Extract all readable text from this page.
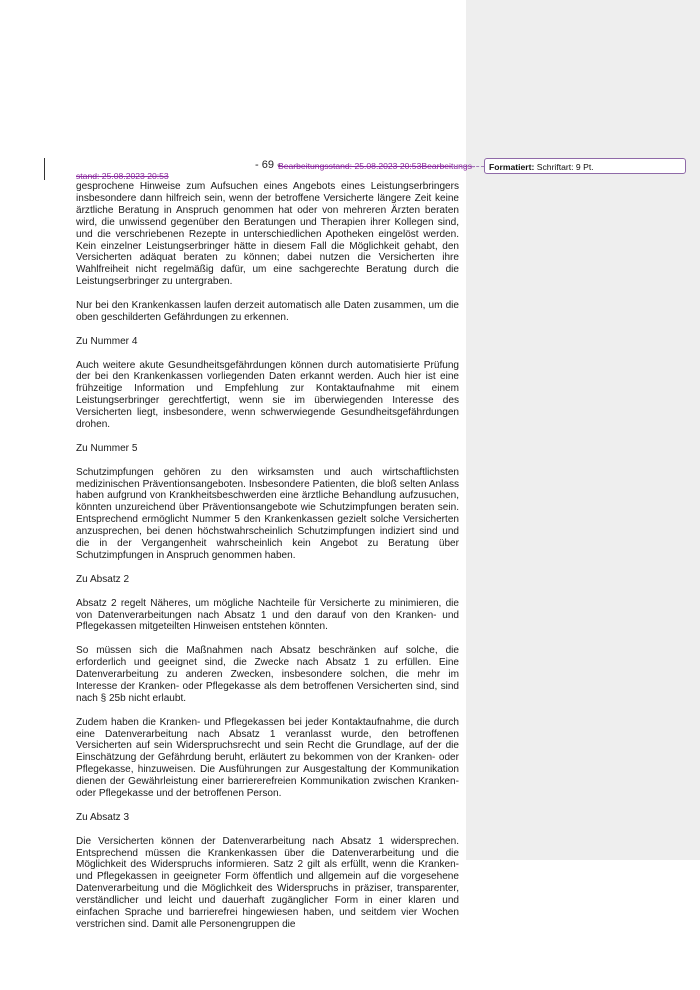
- 69 -
Bearbeitungsstand: 25.08.2023 20:53Bearbeitungs-
stand: 25.08.2023 20:53
Formatiert: Schriftart: 9 Pt.

gesprochene Hinweise zum Aufsuchen eines Angebots eines Leistungserbringers insbesondere dann hilfreich sein, wenn der betroffene Versicherte längere Zeit keine ärztliche Beratung in Anspruch genommen hat oder von mehreren Ärzten beraten wird, die unwissend gegenüber den Beratungen und Therapien ihrer Kollegen sind, und die verschriebenen Rezepte in unterschiedlichen Apotheken eingelöst werden. Kein einzelner Leistungserbringer hätte in diesem Fall die Möglichkeit gehabt, den Versicherten adäquat beraten zu können; dabei nutzen die Versicherten ihre Wahlfreiheit nicht regelmäßig dafür, um eine sachgerechte Beratung durch die Leistungserbringer zu untergraben.

Nur bei den Krankenkassen laufen derzeit automatisch alle Daten zusammen, um die oben geschilderten Gefährdungen zu erkennen.

Zu Nummer 4

Auch weitere akute Gesundheitsgefährdungen können durch automatisierte Prüfung der bei den Krankenkassen vorliegenden Daten erkannt werden. Auch hier ist eine frühzeitige Information und Empfehlung zur Kontaktaufnahme mit einem Leistungserbringer gerechtfertigt, wenn sie im überwiegenden Interesse des Versicherten liegt, insbesondere, wenn schwerwiegende Gesundheitsgefährdungen drohen.

Zu Nummer 5

Schutzimpfungen gehören zu den wirksamsten und auch wirtschaftlichsten medizinischen Präventionsangeboten. Insbesondere Patienten, die bloß selten Anlass haben aufgrund von Krankheitsbeschwerden eine ärztliche Behandlung aufzusuchen, könnten unzureichend über Präventionsangebote wie Schutzimpfungen beraten sein. Entsprechend ermöglicht Nummer 5 den Krankenkassen gezielt solche Versicherten anzusprechen, bei denen höchstwahrscheinlich Schutzimpfungen indiziert sind und die in der Vergangenheit wahrscheinlich kein Angebot zu Beratung über Schutzimpfungen in Anspruch genommen haben.

Zu Absatz 2

Absatz 2 regelt Näheres, um mögliche Nachteile für Versicherte zu minimieren, die von Datenverarbeitungen nach Absatz 1 und den darauf von den Kranken- und Pflegekassen mitgeteilten Hinweisen entstehen könnten.

So müssen sich die Maßnahmen nach Absatz beschränken auf solche, die erforderlich und geeignet sind, die Zwecke nach Absatz 1 zu erfüllen. Eine Datenverarbeitung zu anderen Zwecken, insbesondere solchen, die mehr im Interesse der Kranken- oder Pflegekasse als dem betroffenen Versicherten sind, sind nach § 25b nicht erlaubt.

Zudem haben die Kranken- und Pflegekassen bei jeder Kontaktaufnahme, die durch eine Datenverarbeitung nach Absatz 1 veranlasst wurde, den betroffenen Versicherten auf sein Widerspruchsrecht und sein Recht die Grundlage, auf der die Einschätzung der Gefährdung beruht, erläutert zu bekommen von der Kranken- oder Pflegekasse, hinzuweisen. Die Ausführungen zur Ausgestaltung der Kommunikation dienen der Gewährleistung einer barriererefreien Kommunikation zwischen Kranken- oder Pflegekasse und der betroffenen Person.

Zu Absatz 3

Die Versicherten können der Datenverarbeitung nach Absatz 1 widersprechen. Entsprechend müssen die Krankenkassen über die Datenverarbeitung und die Möglichkeit des Widerspruchs informieren. Satz 2 gilt als erfüllt, wenn die Kranken- und Pflegekassen in geeigneter Form öffentlich und allgemein auf die vorgesehene Datenverarbeitung und die Möglichkeit des Widerspruchs in präziser, transparenter, verständlicher und leicht und dauerhaft zugänglicher Form in einer klaren und einfachen Sprache und barrierefrei hingewiesen haben, und seitdem vier Wochen verstrichen sind. Damit alle Personengruppen die
